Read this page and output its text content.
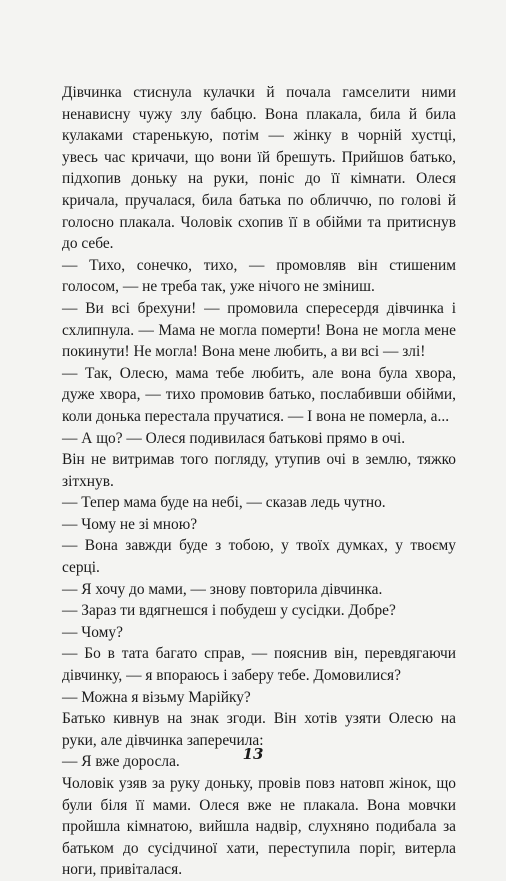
Дівчинка стиснула кулачки й почала гамселити ними ненависну чужу злу бабцю. Вона плакала, била й била кулаками старенькую, потім — жінку в чорній хустці, увесь час кричачи, що вони їй брешуть. Прийшов батько, підхопив доньку на руки, поніс до її кімнати. Олеся кричала, пручалася, била батька по обличчю, по голові й голосно плакала. Чоловік схопив її в обійми та притиснув до себе.

— Тихо, сонечко, тихо, — промовляв він стишеним голосом, — не треба так, уже нічого не зміниш.

— Ви всі брехуни! — промовила спересердя дівчинка і схлипнула. — Мама не могла померти! Вона не могла мене покинути! Не могла! Вона мене любить, а ви всі — злі!

— Так, Олесю, мама тебе любить, але вона була хвора, дуже хвора, — тихо промовив батько, послабивши обійми, коли донька перестала пручатися. — І вона не померла, а...

— А що? — Олеся подивилася батькові прямо в очі.

Він не витримав того погляду, утупив очі в землю, тяжко зітхнув.

— Тепер мама буде на небі, — сказав ледь чутно.

— Чому не зі мною?

— Вона завжди буде з тобою, у твоїх думках, у твоєму серці.

— Я хочу до мами, — знову повторила дівчинка.

— Зараз ти вдягнешся і побудеш у сусідки. Добре?

— Чому?

— Бо в тата багато справ, — пояснив він, перевдягаючи дівчинку, — я впораюсь і заберу тебе. Домовилися?

— Можна я візьму Марійку?

Батько кивнув на знак згоди. Він хотів узяти Олесю на руки, але дівчинка заперечила:

— Я вже доросла.

Чоловік узяв за руку доньку, провів повз натовп жінок, що були біля її мами. Олеся вже не плакала. Вона мовчки пройшла кімнатою, вийшла надвір, слухняно подибала за батьком до сусідчиної хати, переступила поріг, витерла ноги, привіталася.

13
